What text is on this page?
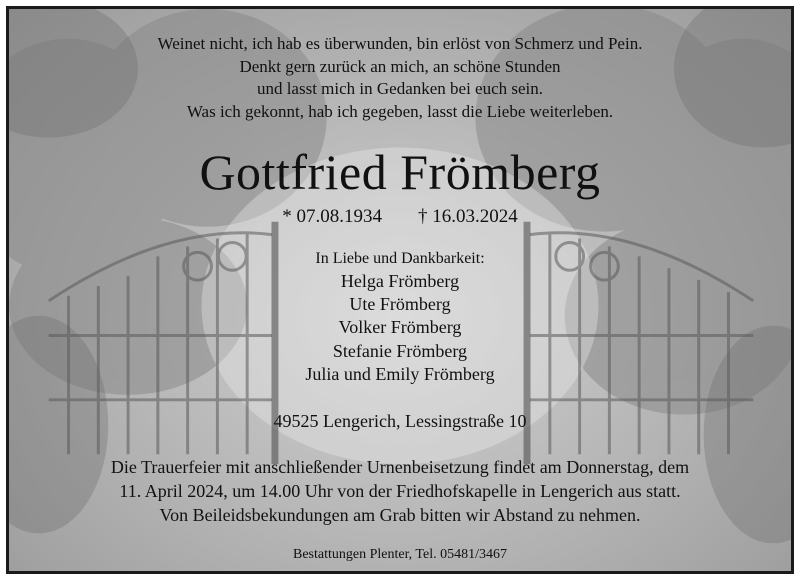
Weinet nicht, ich hab es überwunden, bin erlöst von Schmerz und Pein.
Denkt gern zurück an mich, an schöne Stunden
und lasst mich in Gedanken bei euch sein.
Was ich gekonnt, hab ich gegeben, lasst die Liebe weiterleben.
Gottfried Frömberg
* 07.08.1934 † 16.03.2024
In Liebe und Dankbarkeit:
Helga Frömberg
Ute Frömberg
Volker Frömberg
Stefanie Frömberg
Julia und Emily Frömberg
49525 Lengerich, Lessingstraße 10
Die Trauerfeier mit anschließender Urnenbeisetzung findet am Donnerstag, dem
11. April 2024, um 14.00 Uhr von der Friedhofskapelle in Lengerich aus statt.
Von Beileidsbekundungen am Grab bitten wir Abstand zu nehmen.
Bestattungen Plenter, Tel. 05481/3467
